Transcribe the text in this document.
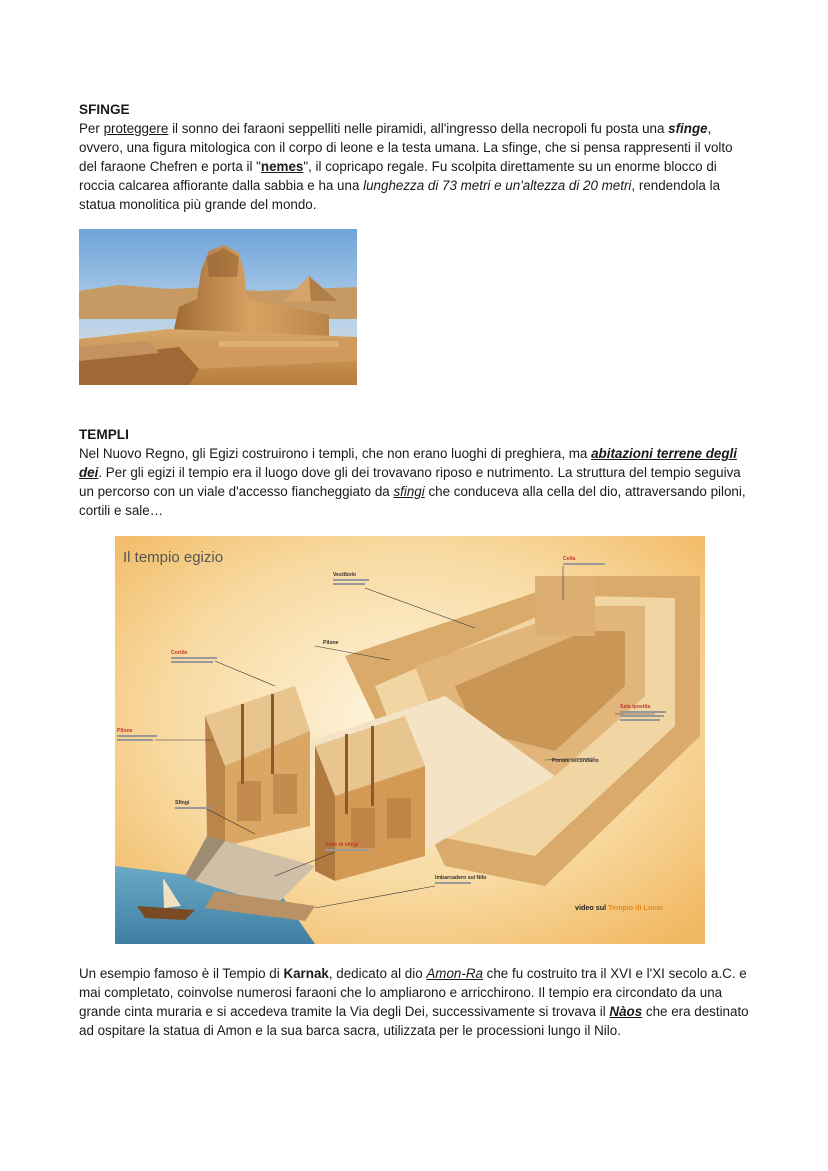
SFINGE

Per proteggere il sonno dei faraoni seppelliti nelle piramidi, all'ingresso della necropoli fu posta una sfinge, ovvero, una figura mitologica con il corpo di leone e la testa umana. La sfinge, che si pensa rappresenti il volto del faraone Chefren e porta il "nemes", il copricapo regale. Fu scolpita direttamente su un enorme blocco di roccia calcarea affiorante dalla sabbia e ha una lunghezza di 73 metri e un'altezza di 20 metri, rendendola la statua monolitica più grande del mondo.

TEMPLI

Nel Nuovo Regno, gli Egizi costruirono i templi, che non erano luoghi di preghiera, ma abitazioni terrene degli dei. Per gli egizi il tempio era il luogo dove gli dei trovavano riposo e nutrimento. La struttura del tempio seguiva un percorso con un viale d'accesso fiancheggiato da sfingi che conduceva alla cella del dio, attraversando piloni, cortili e sale…

Il tempio egizio
Vestibolo
Cella
Pilone
Cortile
Pilone
Sala ipostila
Portale secondario
Sfingi
Viale di sfingi
Imbarcadero sul Nilo
video sul Tempio di Luxor

Un esempio famoso è il Tempio di Karnak, dedicato al dio Amon-Ra che fu costruito tra il XVI e l'XI secolo a.C. e mai completato, coinvolse numerosi faraoni che lo ampliarono e arricchirono. Il tempio era circondato da una grande cinta muraria e si accedeva tramite la Via degli Dei, successivamente si trovava il Nàos che era destinato ad ospitare la statua di Amon e la sua barca sacra, utilizzata per le processioni lungo il Nilo.
